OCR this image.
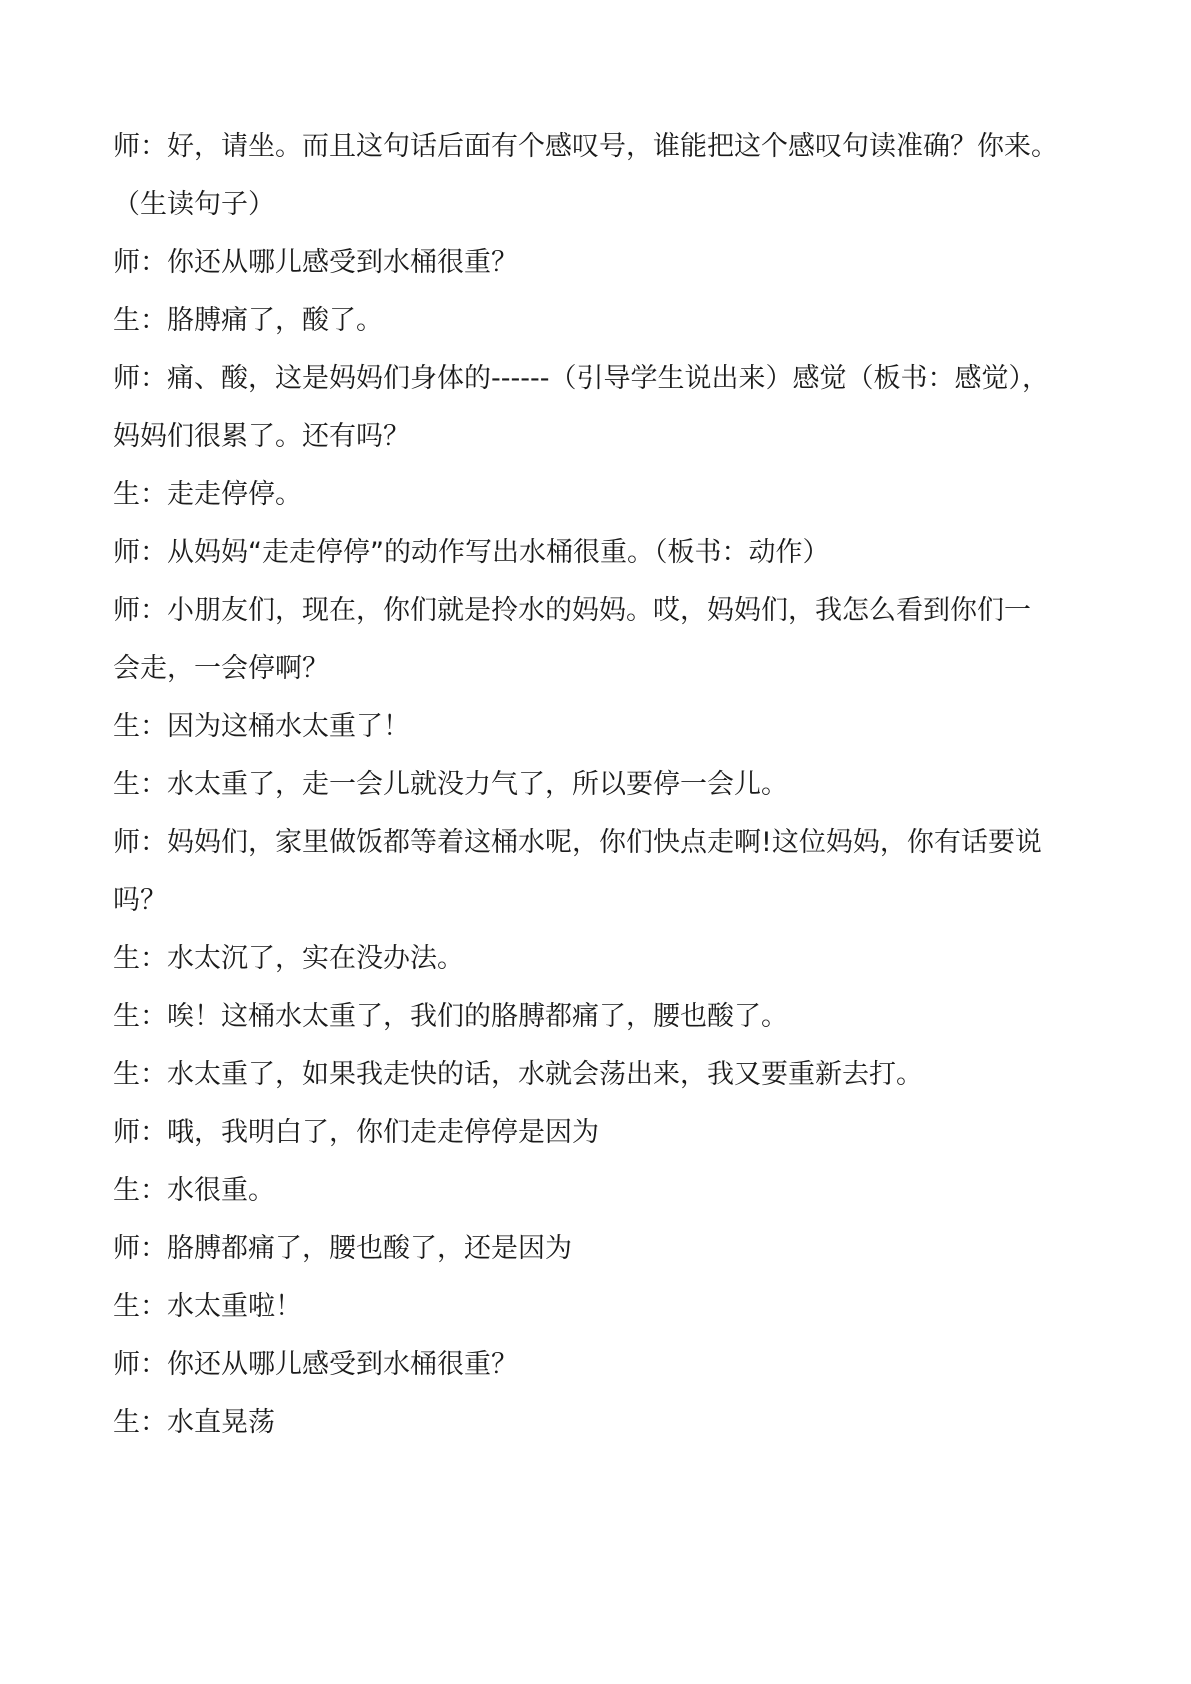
师：好，请坐。而且这句话后面有个感叹号，谁能把这个感叹句读准确？你来。
（生读句子）
师：你还从哪儿感受到水桶很重？
生：胳膊痛了，酸了。
师：痛、酸，这是妈妈们身体的------（引导学生说出来）感觉（板书：感觉），
妈妈们很累了。还有吗？
生：走走停停。
师：从妈妈“走走停停”的动作写出水桶很重。（板书：动作）
师：小朋友们，现在，你们就是拎水的妈妈。哎，妈妈们，我怎么看到你们一
会走，一会停啊？
生：因为这桶水太重了！
生：水太重了，走一会儿就没力气了，所以要停一会儿。
师：妈妈们，家里做饭都等着这桶水呢，你们快点走啊!这位妈妈，你有话要说
吗？
生：水太沉了，实在没办法。
生：唉！这桶水太重了，我们的胳膊都痛了，腰也酸了。
生：水太重了，如果我走快的话，水就会荡出来，我又要重新去打。
师：哦，我明白了，你们走走停停是因为
生：水很重。
师：胳膊都痛了，腰也酸了，还是因为
生：水太重啦！
师：你还从哪儿感受到水桶很重？
生：水直晃荡
